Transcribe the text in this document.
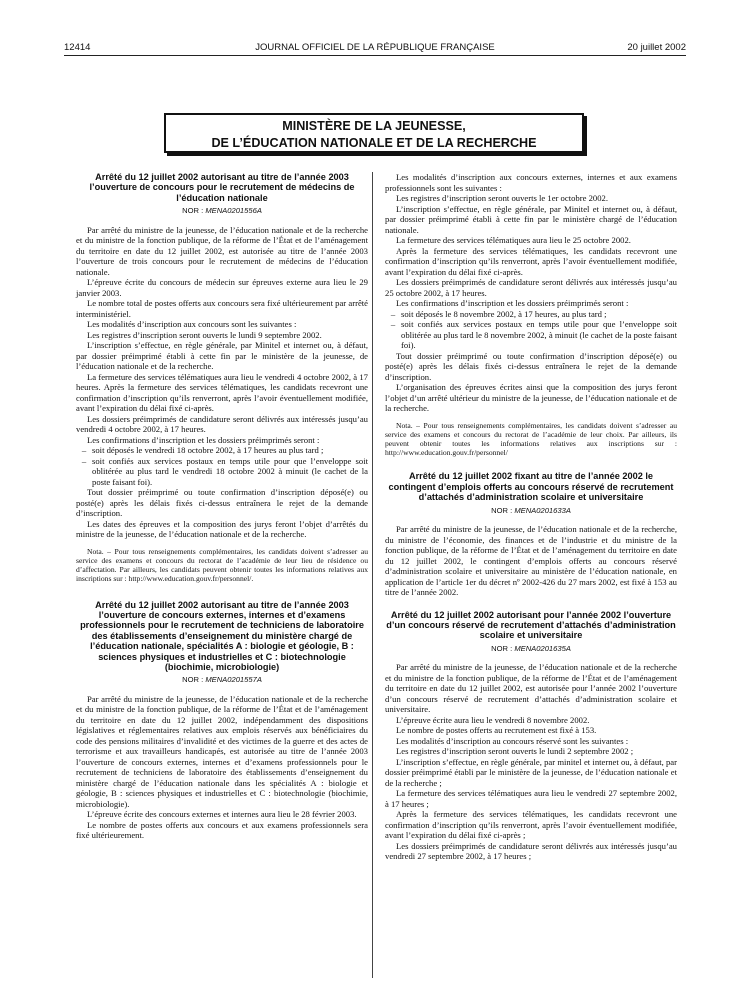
12414	JOURNAL OFFICIEL DE LA RÉPUBLIQUE FRANÇAISE	20 juillet 2002
MINISTÈRE DE LA JEUNESSE,
DE L’ÉDUCATION NATIONALE ET DE LA RECHERCHE

Arrêté du 12 juillet 2002 autorisant au titre de l’année 2003 l’ouverture de concours pour le recrutement de médecins de l’éducation nationale

NOR : MENA0201556A

Par arrêté du ministre de la jeunesse, de l’éducation nationale et de la recherche et du ministre de la fonction publique, de la réforme de l’État et de l’aménagement du territoire en date du 12 juillet 2002, est autorisée au titre de l’année 2003 l’ouverture de trois concours pour le recrutement de médecins de l’éducation nationale.

L’épreuve écrite du concours de médecin sur épreuves externe aura lieu le 29 janvier 2003.

Le nombre total de postes offerts aux concours sera fixé ultérieurement par arrêté interministériel.

Les modalités d’inscription aux concours sont les suivantes :

Les registres d’inscription seront ouverts le lundi 9 septembre 2002.

L’inscription s’effectue, en règle générale, par Minitel et internet ou, à défaut, par dossier préimprimé établi à cette fin par le ministère de la jeunesse, de l’éducation nationale et de la recherche.

La fermeture des services télématiques aura lieu le vendredi 4 octobre 2002, à 17 heures. Après la fermeture des services télématiques, les candidats recevront une confirmation d’inscription qu’ils renverront, après l’avoir éventuellement modifiée, avant l’expiration du délai fixé ci-après.

Les dossiers préimprimés de candidature seront délivrés aux intéressés jusqu’au vendredi 4 octobre 2002, à 17 heures.

Les confirmations d’inscription et les dossiers préimprimés seront :

– soit déposés le vendredi 18 octobre 2002, à 17 heures au plus tard ;
– soit confiés aux services postaux en temps utile pour que l’enveloppe soit oblitérée au plus tard le vendredi 18 octobre 2002 à minuit (le cachet de la poste faisant foi).

Tout dossier préimprimé ou toute confirmation d’inscription déposé(e) ou posté(e) après les délais fixés ci-dessus entraînera le rejet de la demande d’inscription.

Les dates des épreuves et la composition des jurys feront l’objet d’arrêtés du ministre de la jeunesse, de l’éducation nationale et de la recherche.

Nota. – Pour tous renseignements complémentaires, les candidats doivent s’adresser au service des examens et concours du rectorat de l’académie de leur lieu de résidence ou d’affectation. Par ailleurs, les candidats peuvent obtenir toutes les informations relatives aux inscriptions sur : http://www.education.gouv.fr/personnel/.

Arrêté du 12 juillet 2002 autorisant au titre de l’année 2003 l’ouverture de concours externes, internes et d’examens professionnels pour le recrutement de techniciens de laboratoire des établissements d’enseignement du ministère chargé de l’éducation nationale, spécialités A : biologie et géologie, B : sciences physiques et industrielles et C : biotechnologie (biochimie, microbiologie)

NOR : MENA0201557A

Par arrêté du ministre de la jeunesse, de l’éducation nationale et de la recherche et du ministre de la fonction publique, de la réforme de l’État et de l’aménagement du territoire en date du 12 juillet 2002, indépendamment des dispositions législatives et réglementaires relatives aux emplois réservés aux bénéficiaires du code des pensions militaires d’invalidité et des victimes de la guerre et des actes de terrorisme et aux travailleurs handicapés, est autorisée au titre de l’année 2003 l’ouverture de concours externes, internes et d’examens professionnels pour le recrutement de techniciens de laboratoire des établissements d’enseignement du ministère chargé de l’éducation nationale dans les spécialités A : biologie et géologie, B : sciences physiques et industrielles et C : biotechnologie (biochimie, microbiologie).

L’épreuve écrite des concours externes et internes aura lieu le 28 février 2003.

Le nombre de postes offerts aux concours et aux examens professionnels sera fixé ultérieurement.

Les modalités d’inscription aux concours externes, internes et aux examens professionnels sont les suivantes :

Les registres d’inscription seront ouverts le 1er octobre 2002.

L’inscription s’effectue, en règle générale, par Minitel et internet ou, à défaut, par dossier préimprimé établi à cette fin par le ministère chargé de l’éducation nationale.

La fermeture des services télématiques aura lieu le 25 octobre 2002.

Après la fermeture des services télématiques, les candidats recevront une confirmation d’inscription qu’ils renverront, après l’avoir éventuellement modifiée, avant l’expiration du délai fixé ci-après.

Les dossiers préimprimés de candidature seront délivrés aux intéressés jusqu’au 25 octobre 2002, à 17 heures.

Les confirmations d’inscription et les dossiers préimprimés seront :

– soit déposés le 8 novembre 2002, à 17 heures, au plus tard ;
– soit confiés aux services postaux en temps utile pour que l’enveloppe soit oblitérée au plus tard le 8 novembre 2002, à minuit (le cachet de la poste faisant foi).

Tout dossier préimprimé ou toute confirmation d’inscription déposé(e) ou posté(e) après les délais fixés ci-dessus entraînera le rejet de la demande d’inscription.

L’organisation des épreuves écrites ainsi que la composition des jurys feront l’objet d’un arrêté ultérieur du ministre de la jeunesse, de l’éducation nationale et de la recherche.

Nota. – Pour tous renseignements complémentaires, les candidats doivent s’adresser au service des examens et concours du rectorat de l’académie de leur choix. Par ailleurs, ils peuvent obtenir toutes les informations relatives aux inscriptions sur : http://www.education.gouv.fr/personnel/

Arrêté du 12 juillet 2002 fixant au titre de l’année 2002 le contingent d’emplois offerts au concours réservé de recrutement d’attachés d’administration scolaire et universitaire

NOR : MENA0201633A

Par arrêté du ministre de la jeunesse, de l’éducation nationale et de la recherche, du ministre de l’économie, des finances et de l’industrie et du ministre de la fonction publique, de la réforme de l’État et de l’aménagement du territoire en date du 12 juillet 2002, le contingent d’emplois offerts au concours réservé d’administration scolaire et universitaire au ministère de l’éducation nationale, en application de l’article 1er du décret nº 2002-426 du 27 mars 2002, est fixé à 153 au titre de l’année 2002.

Arrêté du 12 juillet 2002 autorisant pour l’année 2002 l’ouverture d’un concours réservé de recrutement d’attachés d’administration scolaire et universitaire

NOR : MENA0201635A

Par arrêté du ministre de la jeunesse, de l’éducation nationale et de la recherche et du ministre de la fonction publique, de la réforme de l’État et de l’aménagement du territoire en date du 12 juillet 2002, est autorisée pour l’année 2002 l’ouverture d’un concours réservé de recrutement d’attachés d’administration scolaire et universitaire.

L’épreuve écrite aura lieu le vendredi 8 novembre 2002.

Le nombre de postes offerts au recrutement est fixé à 153.

Les modalités d’inscription au concours réservé sont les suivantes :

Les registres d’inscription seront ouverts le lundi 2 septembre 2002 ;

L’inscription s’effectue, en règle générale, par minitel et internet ou, à défaut, par dossier préimprimé établi par le ministère de la jeunesse, de l’éducation nationale et de la recherche ;

La fermeture des services télématiques aura lieu le vendredi 27 septembre 2002, à 17 heures ;

Après la fermeture des services télématiques, les candidats recevront une confirmation d’inscription qu’ils renverront, après l’avoir éventuellement modifiée, avant l’expiration du délai fixé ci-après ;

Les dossiers préimprimés de candidature seront délivrés aux intéressés jusqu’au vendredi 27 septembre 2002, à 17 heures ;
